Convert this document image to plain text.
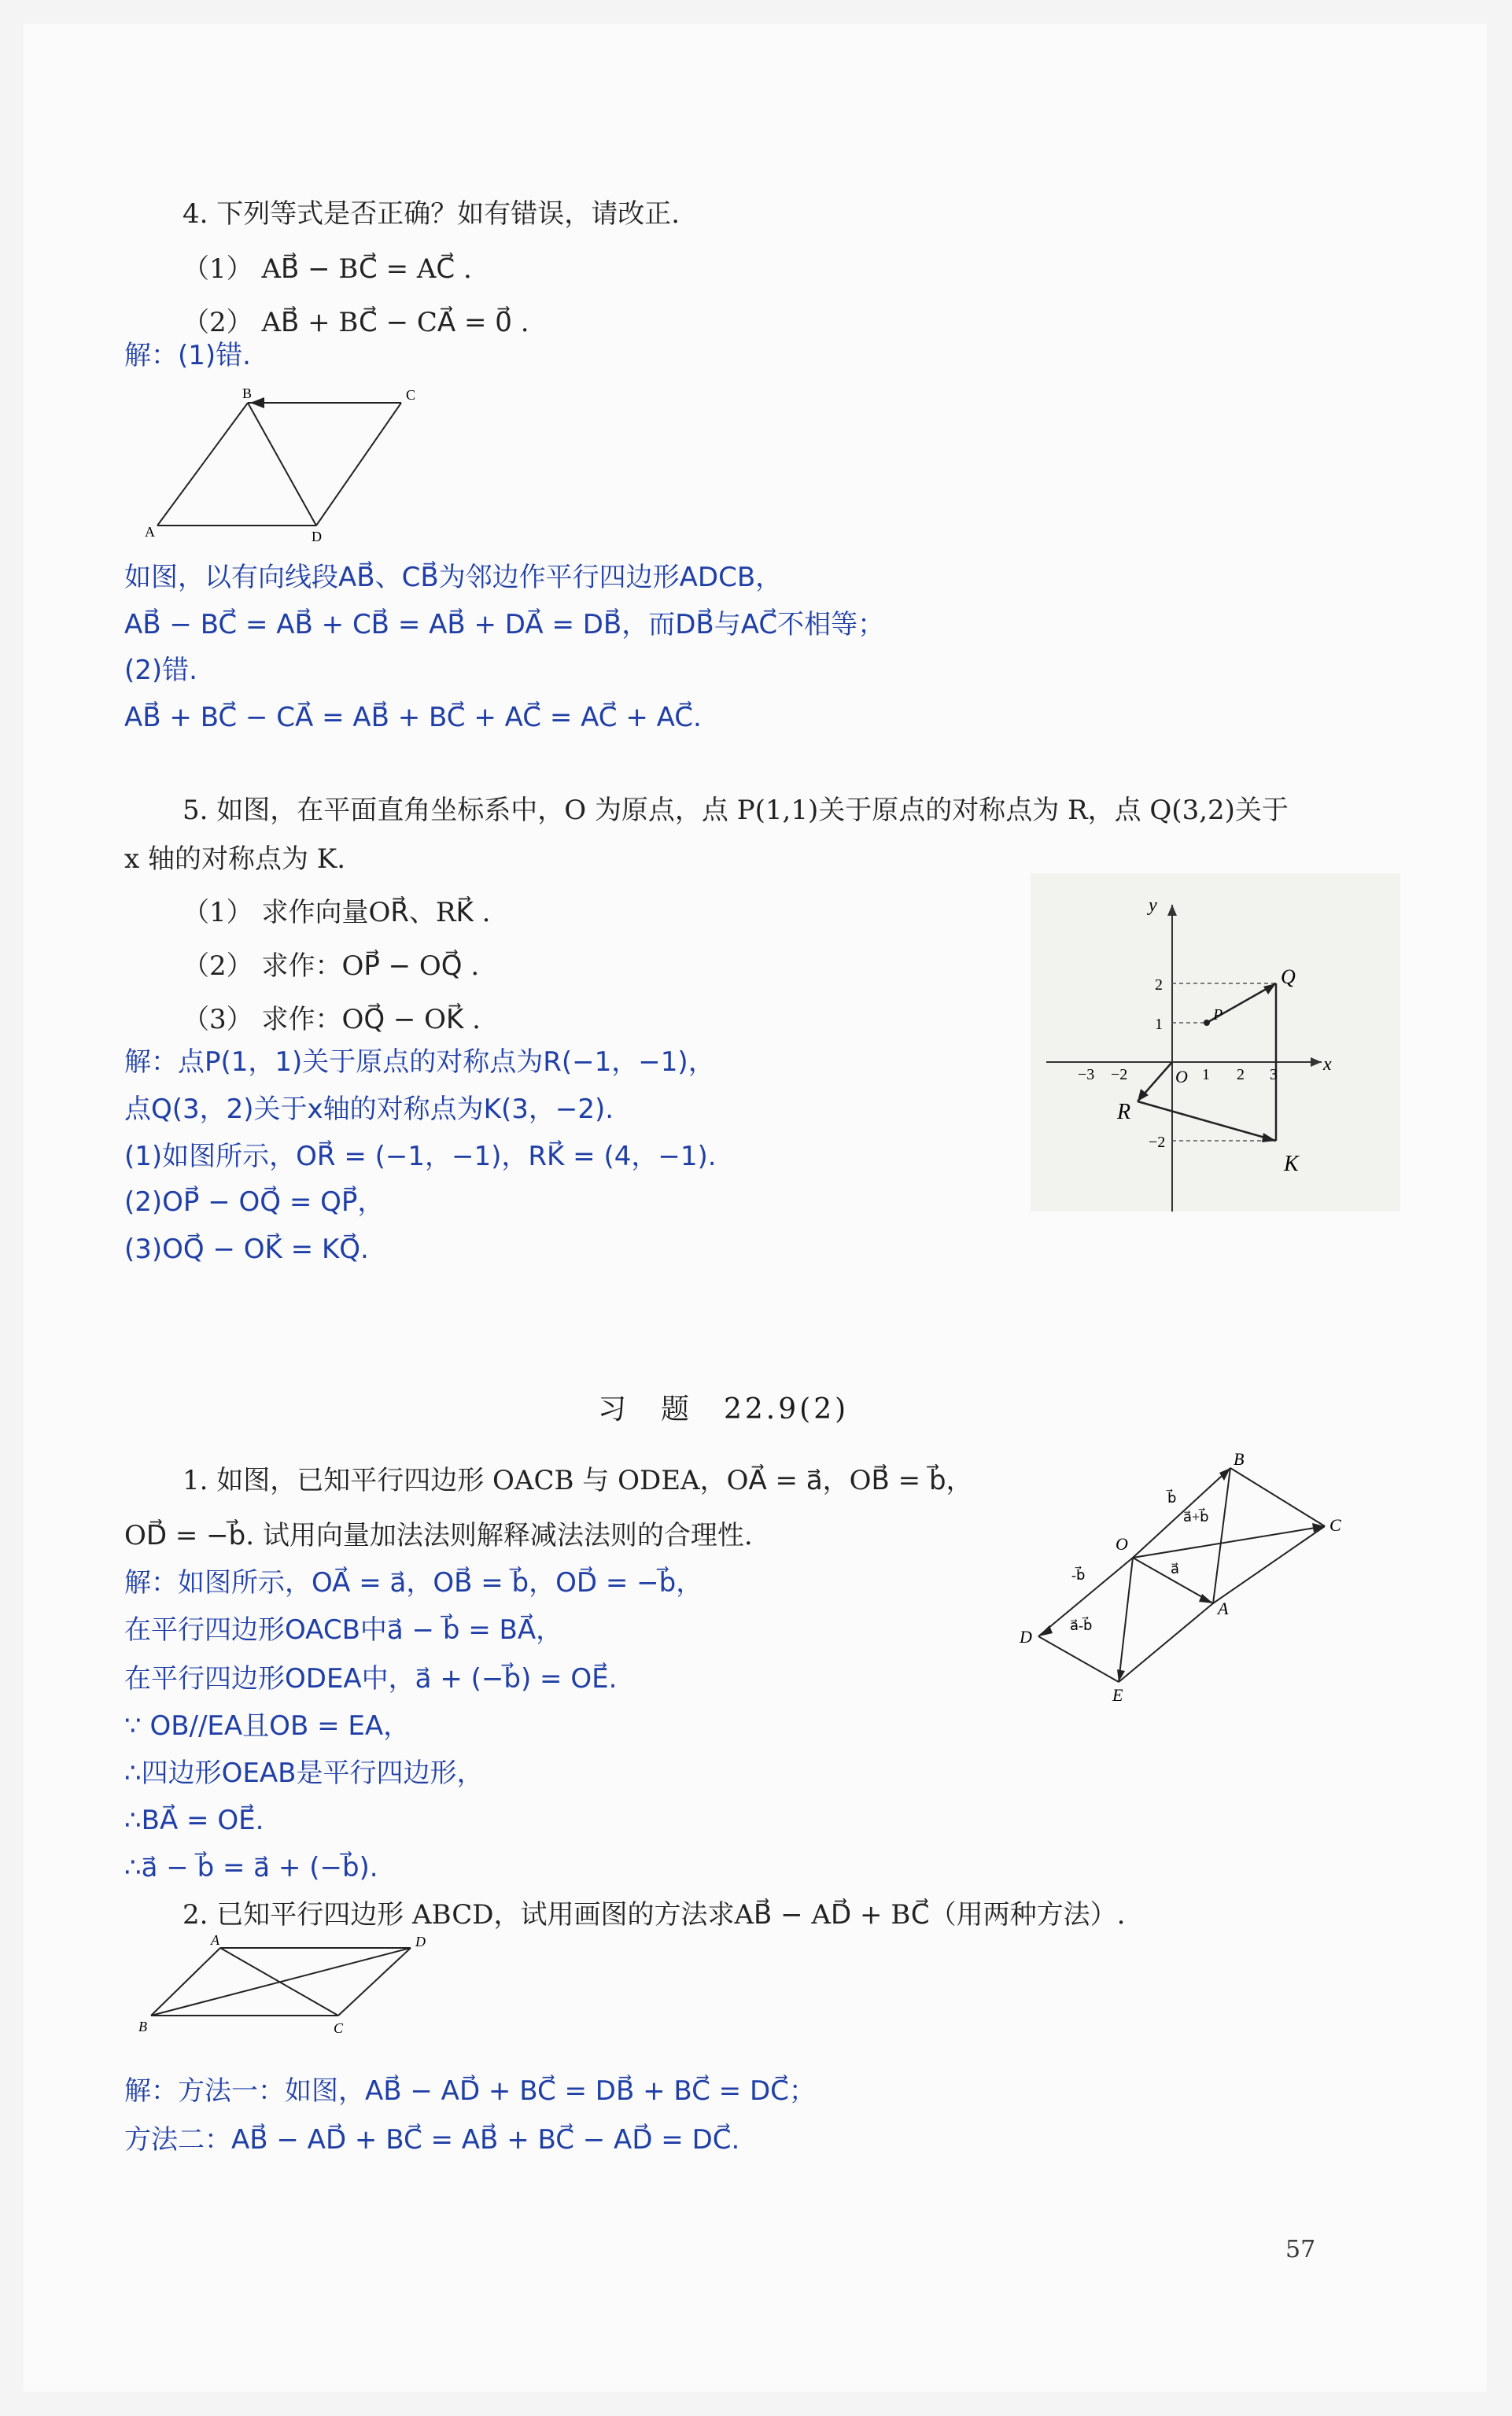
4. 下列等式是否正确？如有错误，请改正.
（1） AB⃗ − BC⃗ = AC⃗ .
（2） AB⃗ + BC⃗ − CA⃗ = 0⃗ .
解：(1)错.
A
B	C
D
如图，以有向线段AB⃗、CB⃗为邻边作平行四边形ADCB，
AB⃗ − BC⃗ = AB⃗ + CB⃗ = AB⃗ + DA⃗ = DB⃗，而DB⃗与AC⃗不相等；
(2)错.
AB⃗ + BC⃗ − CA⃗ = AB⃗ + BC⃗ + AC⃗ = AC⃗ + AC⃗.
5. 如图，在平面直角坐标系中，O 为原点，点 P(1,1)关于原点的对称点为 R，点 Q(3,2)关于
x 轴的对称点为 K.
（1） 求作向量OR⃗、RK⃗ .
（2） 求作：OP⃗ − OQ⃗ .
（3） 求作：OQ⃗ − OK⃗ .
解：点P(1，1)关于原点的对称点为R(−1，−1)，
点Q(3，2)关于x轴的对称点为K(3，−2).
(1)如图所示，OR⃗ = (−1，−1)，RK⃗ = (4，−1).
(2)OP⃗ − OQ⃗ = QP⃗，
(3)OQ⃗ − OK⃗ = KQ⃗.
y
x
Q
P
R
K
O
−3 −2	1 2 3
2
1
−2
习　题　22.9(2)
1. 如图，已知平行四边形 OACB 与 ODEA，OA⃗ = a⃗，OB⃗ = b⃗，
OD⃗ = −b⃗. 试用向量加法法则解释减法法则的合理性.
解：如图所示，OA⃗ = a⃗，OB⃗ = b⃗，OD⃗ = −b⃗，
在平行四边形OACB中a⃗ − b⃗ = BA⃗，
在平行四边形ODEA中，a⃗ + (−b⃗) = OE⃗.
∵ OB//EA且OB = EA，
∴四边形OEAB是平行四边形，
∴BA⃗ = OE⃗.
∴a⃗ − b⃗ = a⃗ + (−b⃗).
B
C
O
A
D
E
b⃗
a⃗+b⃗
a⃗
-b⃗
a⃗-b⃗
2. 已知平行四边形 ABCD，试用画图的方法求AB⃗ − AD⃗ + BC⃗（用两种方法）.
A	D
B	C
解：方法一：如图，AB⃗ − AD⃗ + BC⃗ = DB⃗ + BC⃗ = DC⃗；
方法二：AB⃗ − AD⃗ + BC⃗ = AB⃗ + BC⃗ − AD⃗ = DC⃗.
57
